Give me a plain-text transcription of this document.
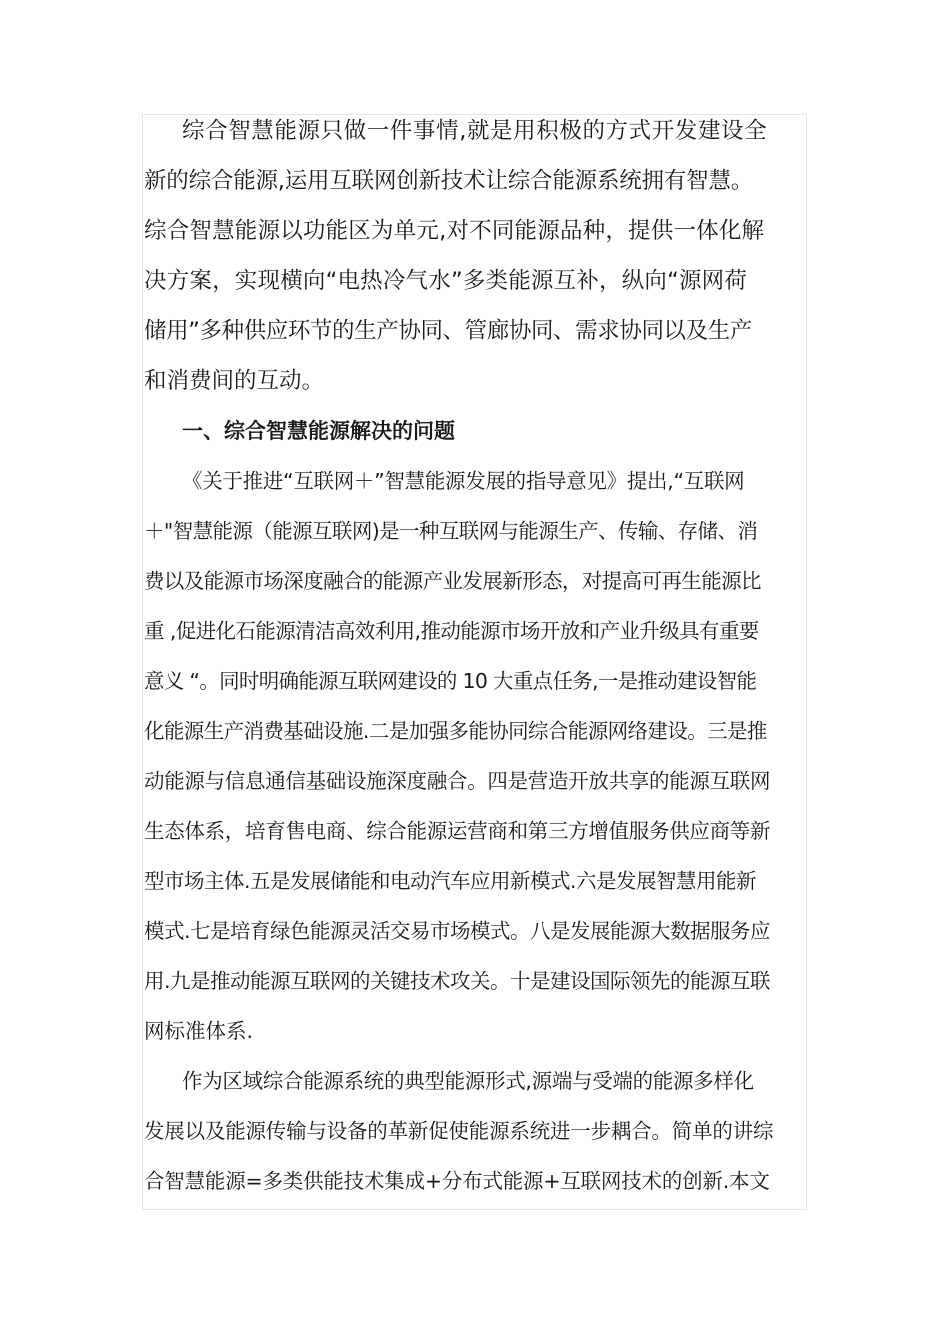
综合智慧能源只做一件事情,就是用积极的方式开发建设全
新的综合能源,运用互联网创新技术让综合能源系统拥有智慧。
综合智慧能源以功能区为单元,对不同能源品种，提供一体化解
决方案，实现横向“电热冷气水”多类能源互补，纵向“源网荷
储用”多种供应环节的生产协同、管廊协同、需求协同以及生产
和消费间的互动。
一、综合智慧能源解决的问题
《关于推进“互联网＋”智慧能源发展的指导意见》提出,“互联网
＋"智慧能源（能源互联网)是一种互联网与能源生产、传输、存储、消
费以及能源市场深度融合的能源产业发展新形态，对提高可再生能源比
重 ,促进化石能源清洁高效利用,推动能源市场开放和产业升级具有重要
意义 “。同时明确能源互联网建设的 10 大重点任务,一是推动建设智能
化能源生产消费基础设施.二是加强多能协同综合能源网络建设。三是推
动能源与信息通信基础设施深度融合。四是营造开放共享的能源互联网
生态体系，培育售电商、综合能源运营商和第三方增值服务供应商等新
型市场主体.五是发展储能和电动汽车应用新模式.六是发展智慧用能新
模式.七是培育绿色能源灵活交易市场模式。八是发展能源大数据服务应
用.九是推动能源互联网的关键技术攻关。十是建设国际领先的能源互联
网标准体系.
作为区域综合能源系统的典型能源形式,源端与受端的能源多样化
发展以及能源传输与设备的革新促使能源系统进一步耦合。简单的讲综
合智慧能源=多类供能技术集成+分布式能源+互联网技术的创新.本文
